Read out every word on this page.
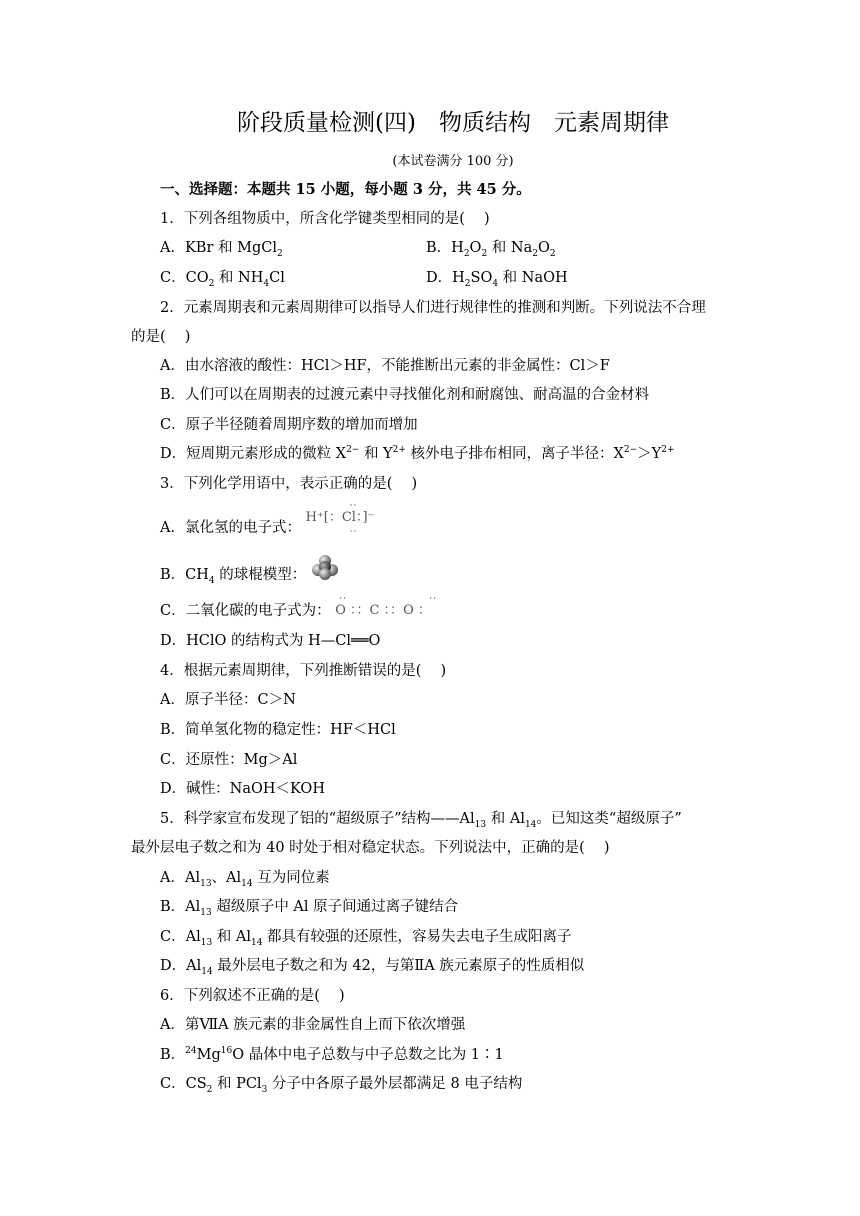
阶段质量检测(四)　物质结构　元素周期律
(本试卷满分 100 分)
一、选择题：本题共 15 小题，每小题 3 分，共 45 分。
1．下列各组物质中，所含化学键类型相同的是(　 )
A．KBr 和 MgCl$_2$	B．$H_2O_2$ 和 $Na_2O_2$
C．$CO_2$ 和 $NH_4Cl$	D．$H_2SO_4$ 和 NaOH
2．元素周期表和元素周期律可以指导人们进行规律性的推测和判断。下列说法不合理
的是(　 )
A．由水溶液的酸性：HCl＞HF，不能推断出元素的非金属性：Cl＞F
B．人们可以在周期表的过渡元素中寻找催化剂和耐腐蚀、耐高温的合金材料
C．原子半径随着周期序数的增加而增加
D．短周期元素形成的微粒 $X^{2-}$ 和 $Y^{2+}$ 核外电子排布相同，离子半径：$X^{2-}>Y^{2+}$
3．下列化学用语中，表示正确的是(　 )
A．氯化氢的电子式：
··
H⁺[：Cl：]⁻
··
B．$CH_4$ 的球棍模型：
C．二氧化碳的电子式为：
··	··
O ：：C ：：O ：
D．HClO 的结构式为 H—Cl══O
4．根据元素周期律，下列推断错误的是(　 )
A．原子半径：C＞N
B．简单氢化物的稳定性：HF＜HCl
C．还原性：Mg＞Al
D．碱性：NaOH＜KOH
5．科学家宣布发现了铝的“超级原子”结构$——Al_{13}$ 和 $Al_{14}$。已知这类“超级原子”
最外层电子数之和为 40 时处于相对稳定状态。下列说法中，正确的是(　 )
A．$Al_{13}$、$Al_{14}$ 互为同位素
B．$Al_{13}$ 超级原子中 Al 原子间通过离子键结合
C．$Al_{13}$ 和 $Al_{14}$ 都具有较强的还原性，容易失去电子生成阳离子
D．$Al_{14}$ 最外层电子数之和为 42，与第ⅡA 族元素原子的性质相似
6．下列叙述不正确的是(　 )
A．第ⅦA 族元素的非金属性自上而下依次增强
B．$^{24}$Mg$^{16}$O 晶体中电子总数与中子总数之比为 1∶1
C．$CS_2$ 和 PCl$_3$ 分子中各原子最外层都满足 8 电子结构
